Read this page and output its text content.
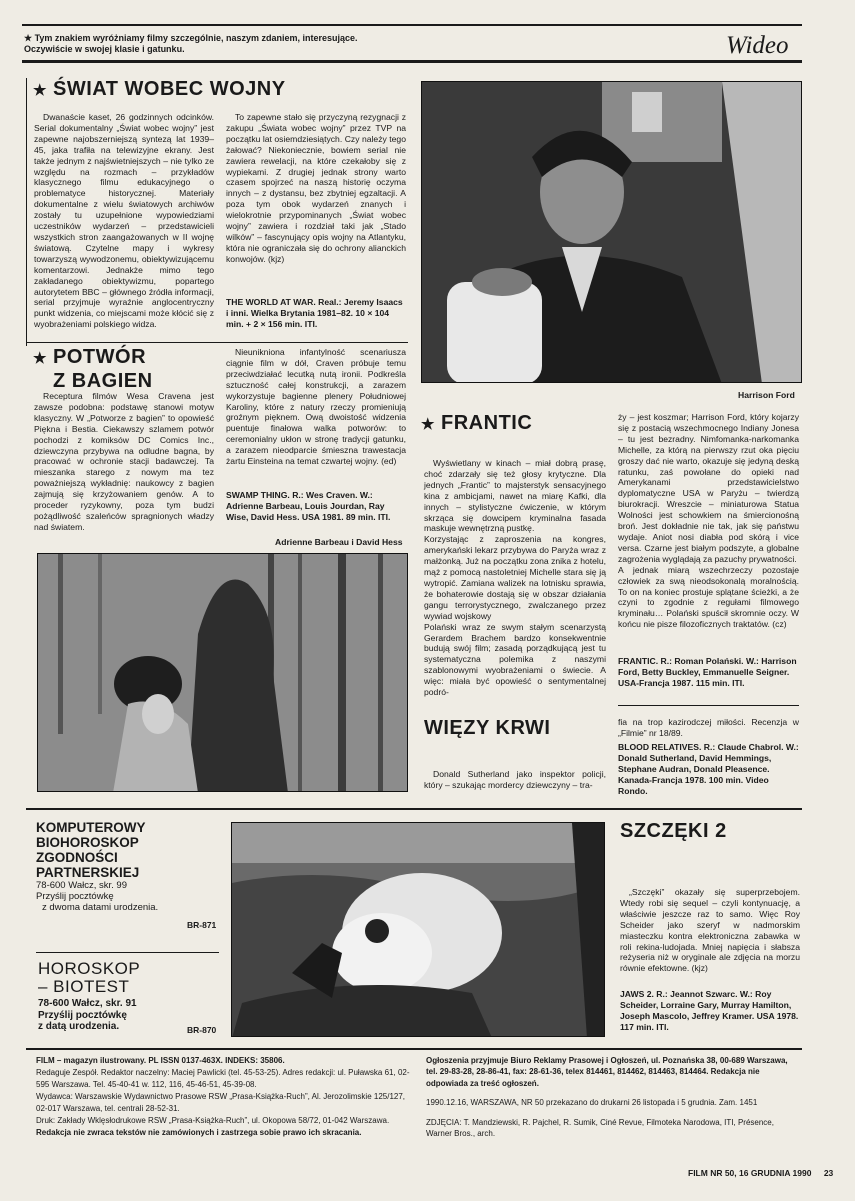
★ Tym znakiem wyróżniamy filmy szczególnie, naszym zdaniem, interesujące.
Oczywiście w swojej klasie i gatunku.	Wideo
★ ŚWIAT WOBEC WOJNY
Dwanaście kaset, 26 godzinnych odcinków. Serial dokumentalny „Świat wobec wojny” jest zapewne najobszerniejszą syntezą lat 1939–45, jaka trafiła na telewizyjne ekrany. Jest także jednym z najświetniejszych – nie tylko ze względu na rozmach – przykładów klasycznego filmu edukacyjnego o problematyce historycznej. Materiały dokumentalne z wielu światowych archiwów zostały tu uzupełnione wypowiedziami uczestników wydarzeń – przedstawicieli wszystkich stron zaangażowanych w II wojnę światową. Czytelne mapy i wykresy towarzyszą wywodzonemu, obiektywizującemu komentarzowi. Jednakże mimo tego zakładanego obiektywizmu, popartego autorytetem BBC – głównego źródła informacji, serial przyjmuje wyraźnie anglocentryczny punkt widzenia, co miejscami może kłócić się z wyobrażeniami polskiego widza.
To zapewne stało się przyczyną rezygnacji z zakupu „Świata wobec wojny” przez TVP na początku lat osiemdziesiątych. Czy należy tego żałować? Niekoniecznie, bowiem serial nie zawiera rewelacji, na które czekałoby się z wypiekami. Z drugiej jednak strony warto czasem spojrzeć na naszą historię oczyma innych – z dystansu, bez zbytniej egzaltacji. A poza tym obok wydarzeń znanych i wielokrotnie przypominanych „Świat wobec wojny” zawiera i rozdział taki jak „Stado wilków” – fascynujący opis wojny na Atlantyku, która nie ograniczała się do ochrony alianckich konwojów. (kjz)
THE WORLD AT WAR. Real.: Jeremy Isaacs i inni. Wielka Brytania 1981–82. 10 × 104 min. + 2 × 156 min. ITI.
Harrison Ford
★ POTWÓR
Z BAGIEN
Receptura filmów Wesa Cravena jest zawsze podobna: podstawę stanowi motyw klasyczny. W „Potworze z bagien” to opowieść Piękna i Bestia. Ciekawszy szlamem potwór pochodzi z komiksów DC Comics Inc., dziewczyna przybywa na odludne bagna, by pracować w ochronie stacji badawczej. Ta mieszanka starego z nowym ma tez poważniejszą wykładnię: naukowcy z bagien zajmują się krzyżowaniem genów. A to proceder ryzykowny, poza tym budzi pożądliwość szaleńców spragnionych władzy nad światem.
Nieunikniona infantylność scenariusza ciągnie film w dół, Craven próbuje temu przeciwdziałać lecutką nutą ironii. Podkreśla sztuczność całej konstrukcji, a zarazem wykorzystuje bagienne plenery Południowej Karoliny, które z natury rzeczy promieniują groźnym pięknem. Ową dwoistość widzenia puentuje finałowa walka potworów: to ceremonialny ukłon w stronę tradycji gatunku, a zarazem nieodparcie śmieszna trawestacja żartu Einsteina na temat czwartej wojny. (ed)
SWAMP THING. R.: Wes Craven. W.: Adrienne Barbeau, Louis Jourdan, Ray Wise, David Hess. USA 1981. 89 min. ITI.
Adrienne Barbeau i David Hess
★ FRANTIC
Wyświetlany w kinach – miał dobrą prasę, choć zdarzały się też głosy krytyczne. Dla jednych „Frantic” to majsterstyk sensacyjnego kina z ambicjami, nawet na miarę Kafki, dla innych – stylistyczne ćwiczenie, w którym skrząca się dowcipem kryminalna fasada maskuje wewnętrzną pustkę.
Korzystając z zaproszenia na kongres, amerykański lekarz przybywa do Paryża wraz z małżonką. Już na początku zona znika z hotelu, mąż z pomocą nastoletniej Michelle stara się ją wytropić. Zamiana walizek na lotnisku sprawia, że bohaterowie dostają się w obszar działania gangu terrorystycznego, zwalczanego przez wywiad wojskowy
Polański wraz ze swym stałym scenarzystą Gerardem Brachem bardzo konsekwentnie budują swój film; zasadą porządkującą jest tu systematyczna polemika z naszymi szablonowymi wyobrażeniami o świecie. A więc: miała być opowieść o sentymentalnej podró-
ży – jest koszmar; Harrison Ford, który kojarzy się z postacią wszechmocnego Indiany Jonesa – tu jest bezradny. Nimfomanka-narkomanka Michelle, za którą na pierwszy rzut oka pięciu groszy dać nie warto, okazuje się jedyną deską ratunku, zaś powołane do opieki nad Amerykanami przedstawicielstwo dyplomatyczne USA w Paryżu – twierdzą biurokracji. Wreszcie – miniaturowa Statua Wolności jest schowkiem na śmiercionośną broń. Jest dokładnie nie tak, jak się państwu wydaje. Aniot nosi diabła pod skórą i vice versa. Czarne jest białym podszyte, a globalne zagrożenia wyglądają za pazuchy prywatności.
A jednak miarą wszechrzeczy pozostaje człowiek za swą nieodsokonalą moralnością. To on na koniec prostuje splątane ścieżki, a że czyni to zgodnie z regułami filmowego kryminału… Polański spuścił skromnie oczy. W końcu nie pisze filozoficznych traktatów. (cz)
FRANTIC. R.: Roman Polański. W.: Harrison Ford, Betty Buckley, Emmanuelle Seigner. USA-Francja 1987. 115 min. ITI.
WIĘZY KRWI
Donald Sutherland jako inspektor policji, który – szukając mordercy dziewczyny – tra-
fia na trop kazirodczej miłości. Recenzja w „Filmie” nr 18/89.
BLOOD RELATIVES. R.: Claude Chabrol. W.: Donald Sutherland, David Hemmings, Stephane Audran, Donald Pleasence. Kanada-Francja 1978. 100 min. Video Rondo.
KOMPUTEROWY
BIOHOROSKOP
ZGODNOŚCI
PARTNERSKIEJ
78-600 Wałcz, skr. 99
Przyślij pocztówkę
z dwoma datami urodzenia.
BR-871
HOROSKOP
– BIOTEST
78-600 Wałcz, skr. 91
Przyślij pocztówkę
z datą urodzenia.	BR-870
SZCZĘKI 2
„Szczęki” okazały się superprzebojem. Wtedy robi się sequel – czyli kontynuację, a właściwie jeszcze raz to samo. Więc Roy Scheider jako szeryf w nadmorskim miasteczku kontra elektroniczna zabawka w roli rekina-ludojada. Mniej napięcia i słabsza reżyseria niż w oryginale ale zdjęcia na morzu równie efektowne. (kjz)
JAWS 2. R.: Jeannot Szwarc. W.: Roy Scheider, Lorraine Gary, Murray Hamilton, Joseph Mascolo, Jeffrey Kramer. USA 1978. 117 min. ITI.

FILM – magazyn ilustrowany. PL ISSN 0137-463X. INDEKS: 35806.

Redaguje Zespół. Redaktor naczelny: Maciej Pawlicki (tel. 45-53-25). Adres redakcji: ul. Puławska 61, 02-595 Warszawa. Tel. 45-40-41 w. 112, 116, 45-46-51, 45-39-08.

Wydawca: Warszawskie Wydawnictwo Prasowe RSW „Prasa-Książka-Ruch”, Al. Jerozolimskie 125/127, 02-017 Warszawa, tel. centrali 28-52-31.

Druk: Zakłady Wklęsłodrukowe RSW „Prasa-Książka-Ruch”, ul. Okopowa 58/72, 01-042 Warszawa.

Redakcja nie zwraca tekstów nie zamówionych i zastrzega sobie prawo ich skracania.

Ogłoszenia przyjmuje Biuro Reklamy Prasowej i Ogłoszeń, ul. Poznańska 38, 00-689 Warszawa, tel. 29-83-28, 28-86-41, fax: 28-61-36, telex 814461, 814462, 814463, 814464. Redakcja nie odpowiada za treść ogłoszeń.

1990.12.16, WARSZAWA, NR 50 przekazano do drukarni 26 listopada i 5 grudnia. Zam. 1451

ZDJĘCIA: T. Mandziewski, R. Pajchel, R. Sumik, Ciné Revue, Filmoteka Narodowa, ITI, Présence, Warner Bros., arch.

FILM NR 50, 16 GRUDNIA 1990 23
